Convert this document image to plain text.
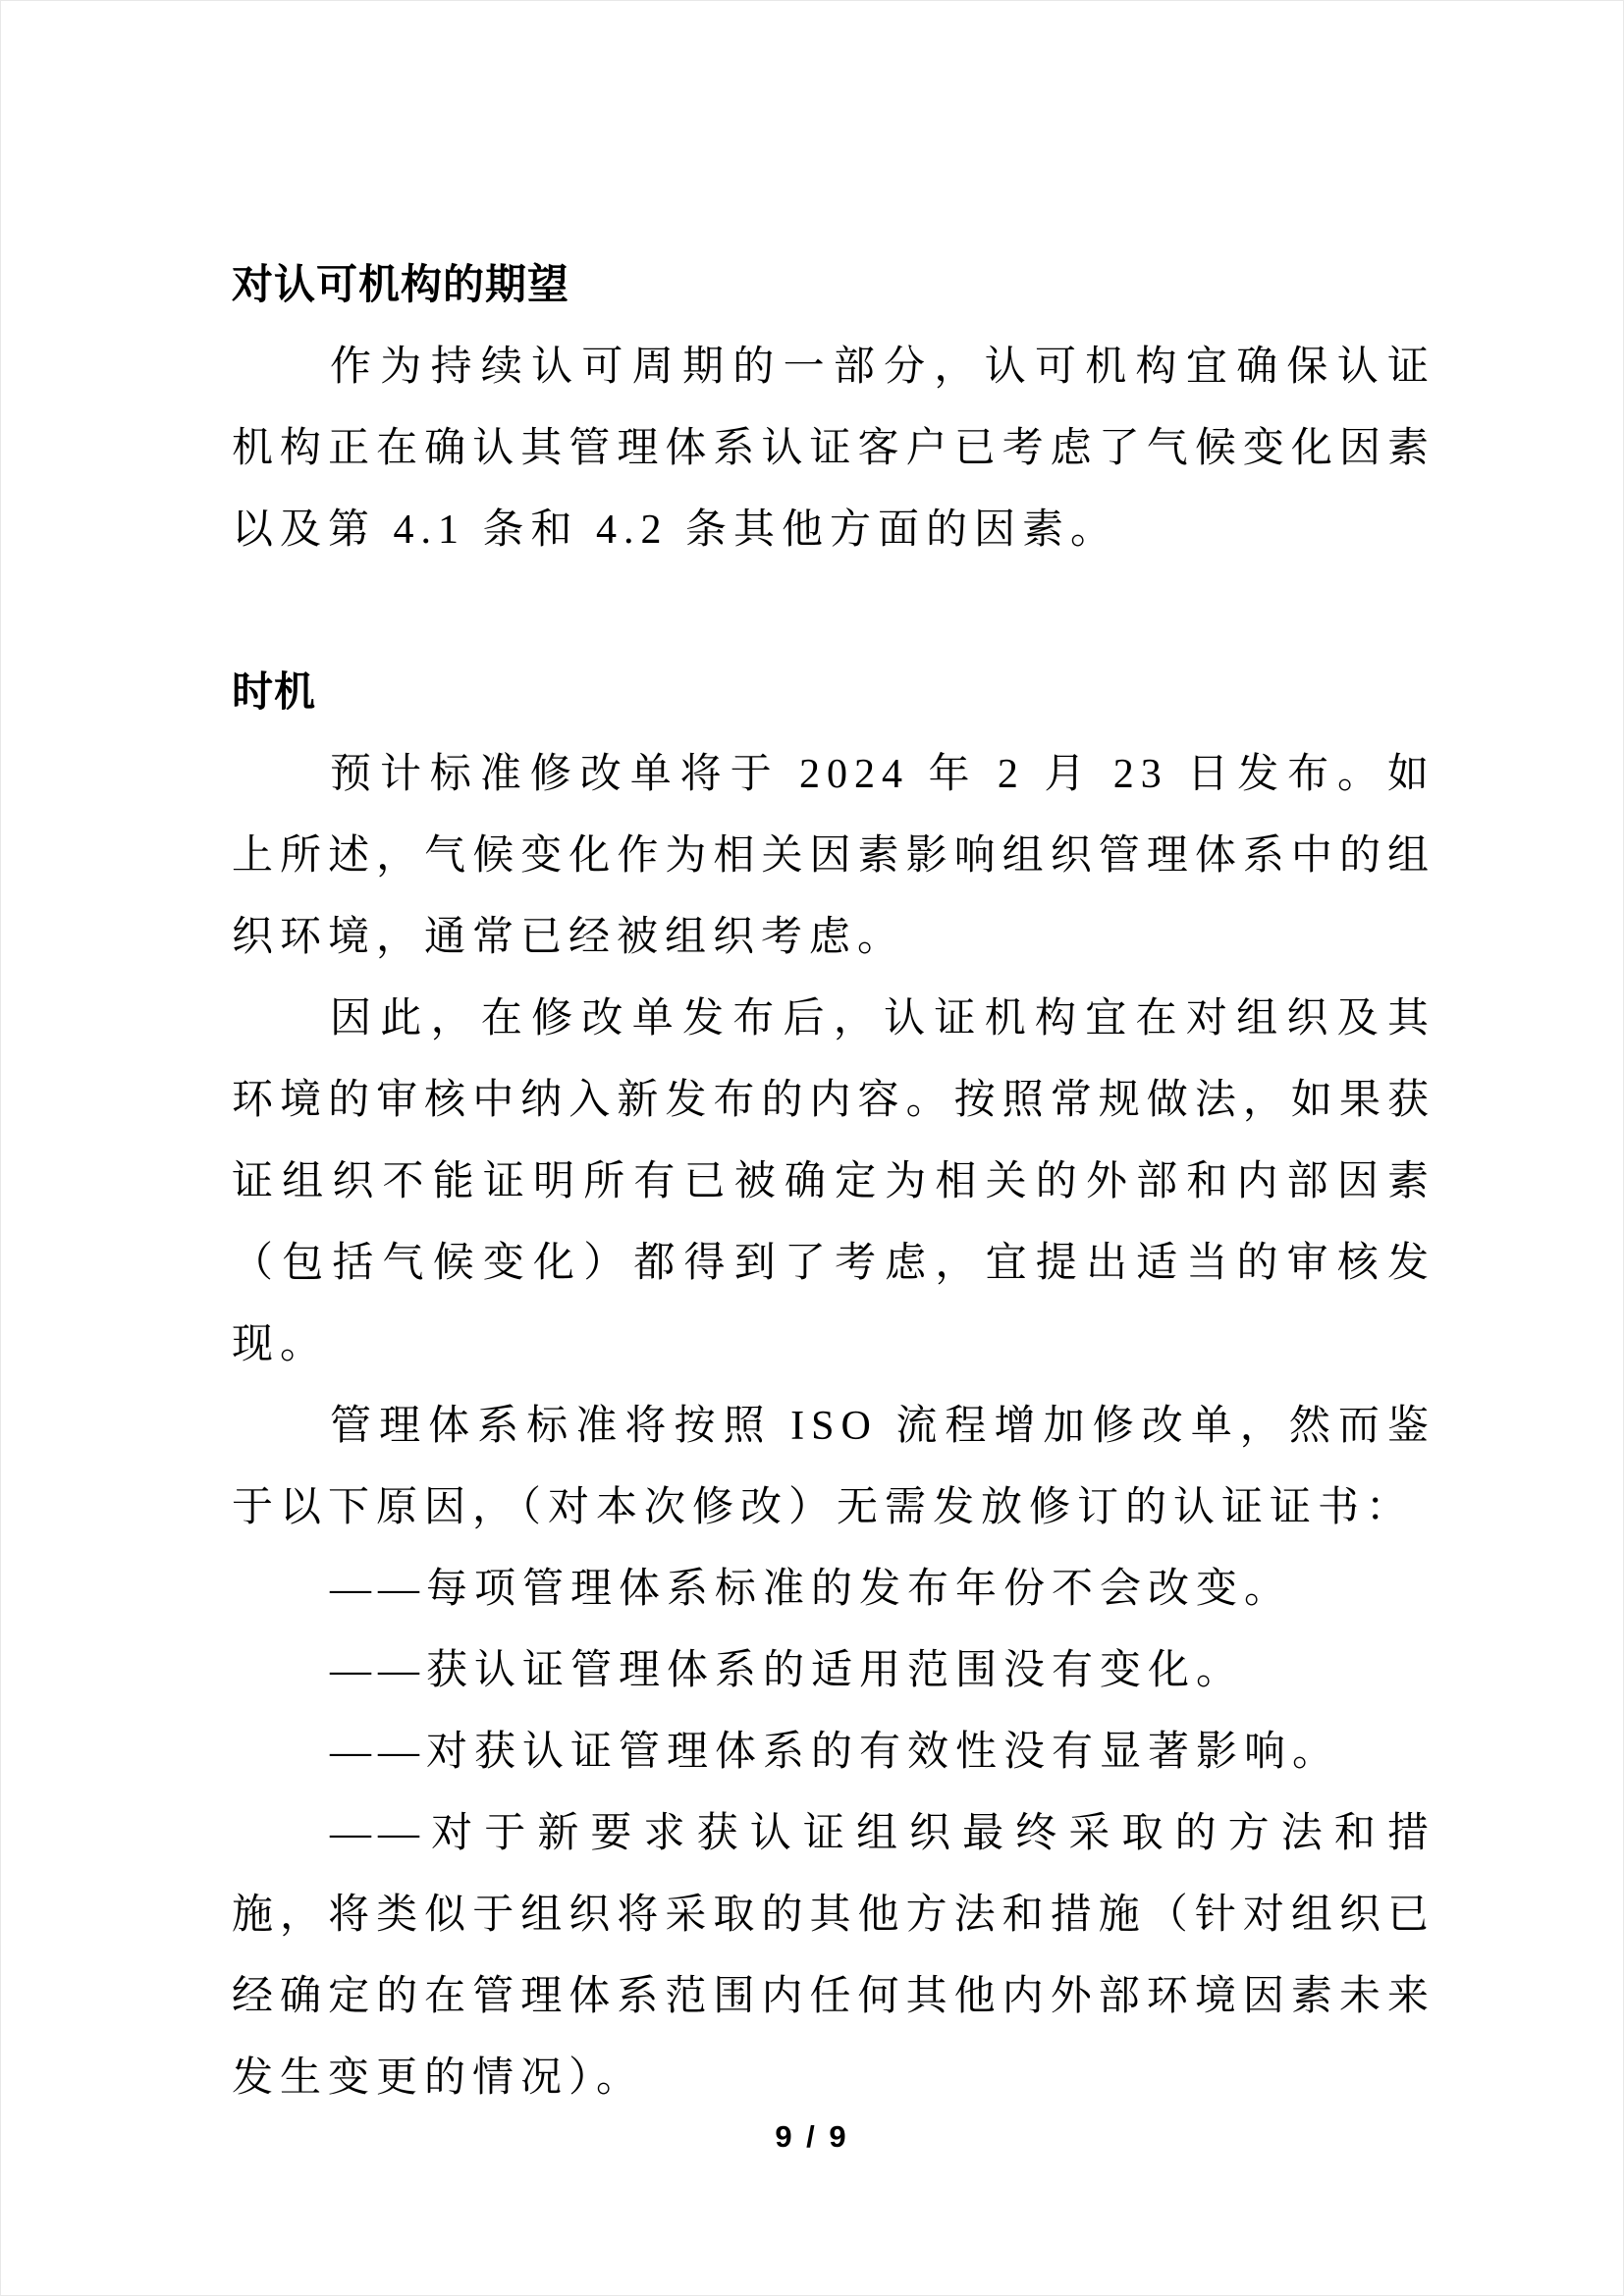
对认可机构的期望

作为持续认可周期的一部分，认可机构宜确保认证机构正在确认其管理体系认证客户已考虑了气候变化因素以及第 4.1 条和 4.2 条其他方面的因素。

时机

预计标准修改单将于 2024 年 2 月 23 日发布。如上所述，气候变化作为相关因素影响组织管理体系中的组织环境，通常已经被组织考虑。

因此，在修改单发布后，认证机构宜在对组织及其环境的审核中纳入新发布的内容。按照常规做法，如果获证组织不能证明所有已被确定为相关的外部和内部因素（包括气候变化）都得到了考虑，宜提出适当的审核发现。

管理体系标准将按照 ISO 流程增加修改单，然而鉴于以下原因，（对本次修改）无需发放修订的认证证书：

——每项管理体系标准的发布年份不会改变。

——获认证管理体系的适用范围没有变化。

——对获认证管理体系的有效性没有显著影响。

——对于新要求获认证组织最终采取的方法和措施，将类似于组织将采取的其他方法和措施（针对组织已经确定的在管理体系范围内任何其他内外部环境因素未来发生变更的情况）。

9 / 9
